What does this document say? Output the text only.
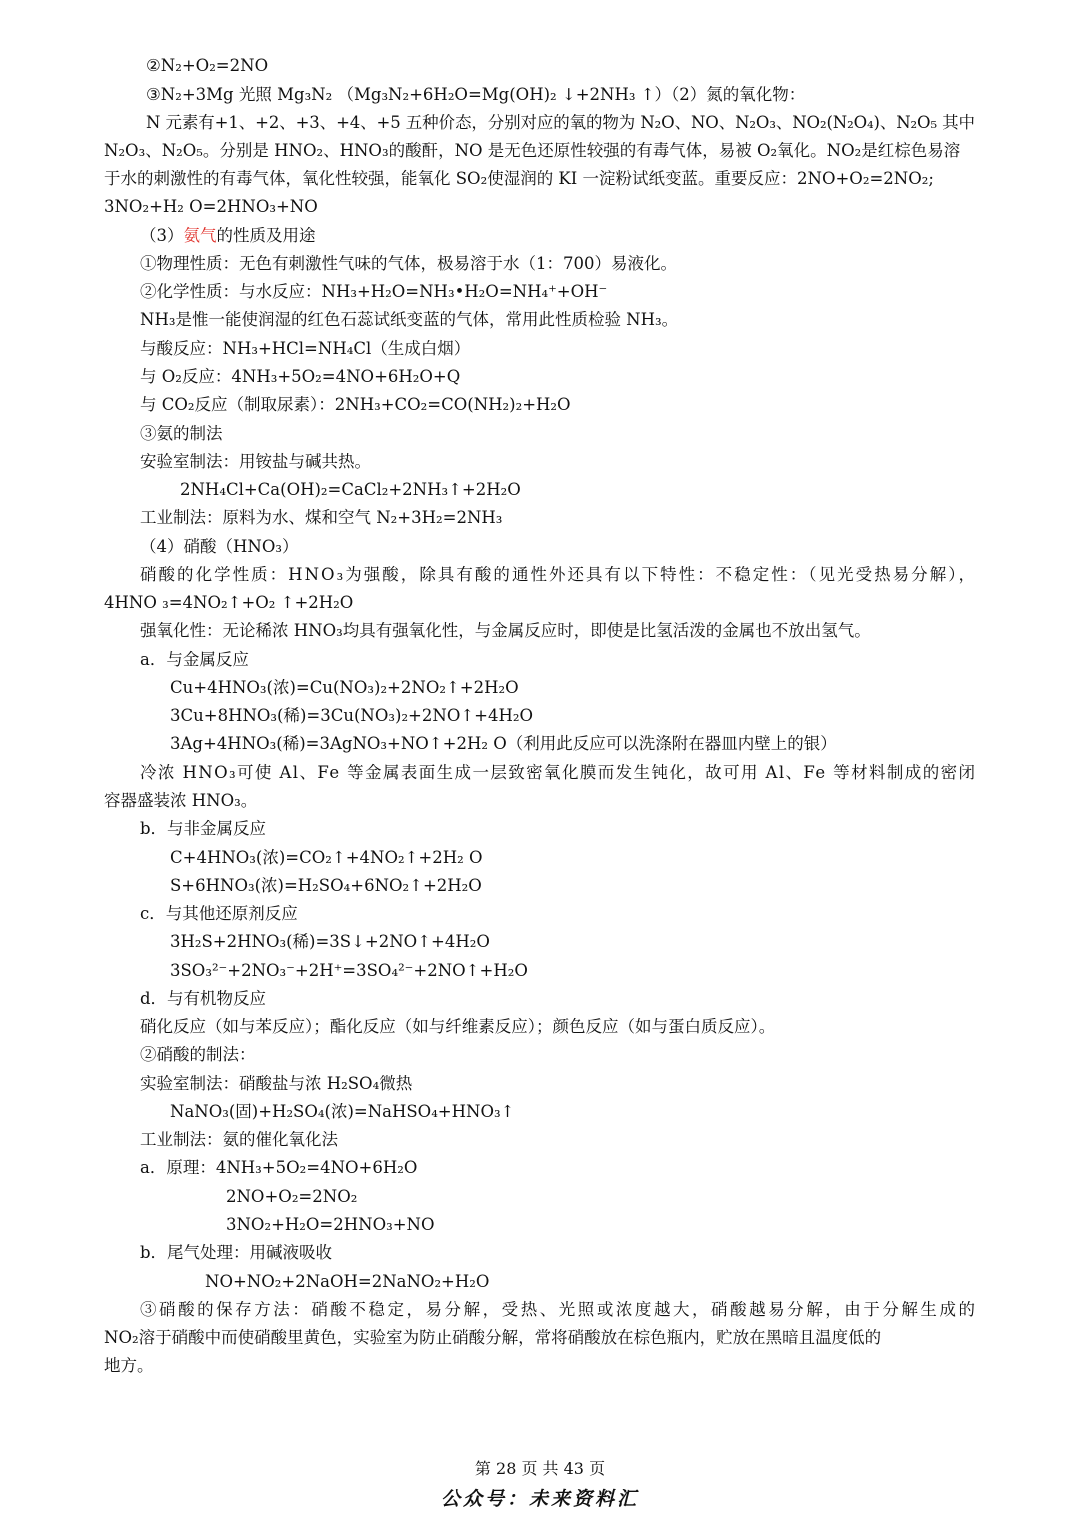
②N₂+O₂=2NO
③N₂+3Mg 光照 Mg₃N₂ （Mg₃N₂+6H₂O=Mg(OH)₂ ↓+2NH₃ ↑）（2）氮的氧化物：
N 元素有+1、+2、+3、+4、+5 五种价态，分别对应的氧的物为 N₂O、NO、N₂O₃、NO₂(N₂O₄)、N₂O₅ 其中
N₂O₃、N₂O₅。分别是 HNO₂、HNO₃的酸酐，NO 是无色还原性较强的有毒气体，易被 O₂氧化。NO₂是红棕色易溶
于水的刺激性的有毒气体，氧化性较强，能氧化 SO₂使湿润的 KI 一淀粉试纸变蓝。重要反应：2NO+O₂=2NO₂;
3NO₂+H₂ O=2HNO₃+NO
（3）氨气的性质及用途
①物理性质：无色有刺激性气味的气体，极易溶于水（1：700）易液化。
②化学性质：与水反应：NH₃+H₂O=NH₃•H₂O=NH₄⁺+OH⁻
NH₃是惟一能使润湿的红色石蕊试纸变蓝的气体，常用此性质检验 NH₃。
与酸反应：NH₃+HCl=NH₄Cl（生成白烟）
与 O₂反应：4NH₃+5O₂=4NO+6H₂O+Q
与 CO₂反应（制取尿素）：2NH₃+CO₂=CO(NH₂)₂+H₂O
③氨的制法
安验室制法：用铵盐与碱共热。
2NH₄Cl+Ca(OH)₂=CaCl₂+2NH₃↑+2H₂O
工业制法：原料为水、煤和空气 N₂+3H₂=2NH₃
（4）硝酸（HNO₃）
硝酸的化学性质：HNO₃为强酸，除具有酸的通性外还具有以下特性：不稳定性：（见光受热易分解），
4HNO ₃=4NO₂↑+O₂ ↑+2H₂O
强氧化性：无论稀浓 HNO₃均具有强氧化性，与金属反应时，即使是比氢活泼的金属也不放出氢气。
a．与金属反应
Cu+4HNO₃(浓)=Cu(NO₃)₂+2NO₂↑+2H₂O
3Cu+8HNO₃(稀)=3Cu(NO₃)₂+2NO↑+4H₂O
3Ag+4HNO₃(稀)=3AgNO₃+NO↑+2H₂ O（利用此反应可以洗涤附在器皿内壁上的银）
冷浓 HNO₃可使 Al、Fe 等金属表面生成一层致密氧化膜而发生钝化，故可用 Al、Fe 等材料制成的密闭
容器盛装浓 HNO₃。
b．与非金属反应
C+4HNO₃(浓)=CO₂↑+4NO₂↑+2H₂ O
S+6HNO₃(浓)=H₂SO₄+6NO₂↑+2H₂O
c．与其他还原剂反应
3H₂S+2HNO₃(稀)=3S↓+2NO↑+4H₂O
3SO₃²⁻+2NO₃⁻+2H⁺=3SO₄²⁻+2NO↑+H₂O
d．与有机物反应
硝化反应（如与苯反应）；酯化反应（如与纤维素反应）；颜色反应（如与蛋白质反应）。
②硝酸的制法：
实验室制法：硝酸盐与浓 H₂SO₄微热
NaNO₃(固)+H₂SO₄(浓)=NaHSO₄+HNO₃↑
工业制法：氨的催化氧化法
a．原理：4NH₃+5O₂=4NO+6H₂O
2NO+O₂=2NO₂
3NO₂+H₂O=2HNO₃+NO
b．尾气处理：用碱液吸收
NO+NO₂+2NaOH=2NaNO₂+H₂O
③硝酸的保存方法：硝酸不稳定，易分解，受热、光照或浓度越大，硝酸越易分解，由于分解生成的
NO₂溶于硝酸中而使硝酸里黄色，实验室为防止硝酸分解，常将硝酸放在棕色瓶内，贮放在黑暗且温度低的
地方。
第 28 页 共 43 页
公众号：未来资料汇
